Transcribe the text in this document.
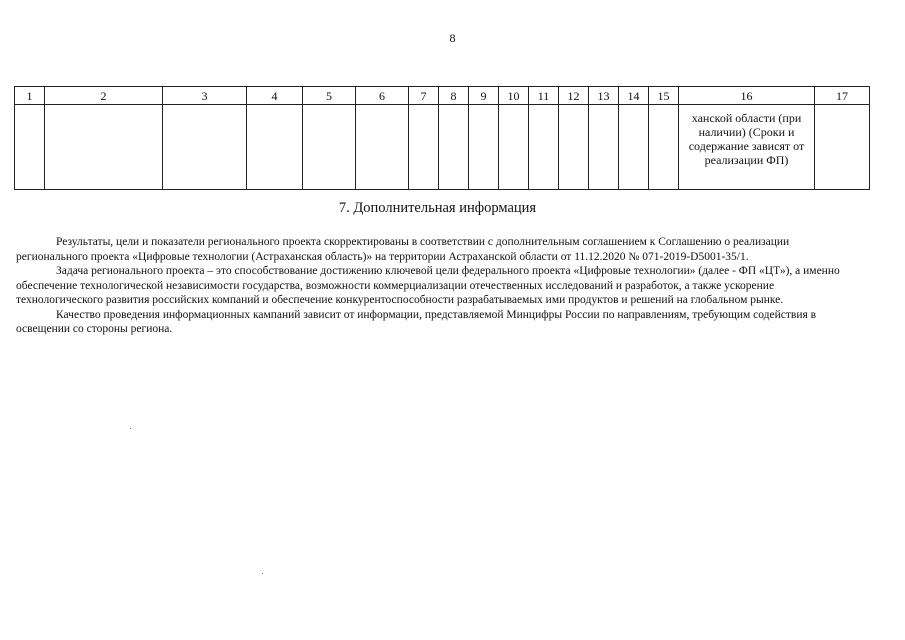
8
1	2	3	4	5	6	7	8	9	10	11	12	13	14	15	16	17
															ханской области (при наличии) (Сроки и содержание зависят от реализации ФП)	
7. Дополнительная информация

Результаты, цели и показатели регионального проекта скорректированы в соответствии с дополнительным соглашением к Соглашению о реализации регионального проекта «Цифровые технологии (Астраханская область)» на территории Астраханской области от 11.12.2020 № 071-2019-D5001-35/1.

Задача регионального проекта – это способствование достижению ключевой цели федерального проекта «Цифровые технологии» (далее - ФП «ЦТ»), а именно обеспечение технологической независимости государства, возможности коммерциализации отечественных исследований и разработок, а также ускорение технологического развития российских компаний и обеспечение конкурентоспособности разрабатываемых ими продуктов и решений на глобальном рынке.

Качество проведения информационных кампаний зависит от информации, представляемой Минцифры России по направлениям, требующим содействия в освещении со стороны региона.
